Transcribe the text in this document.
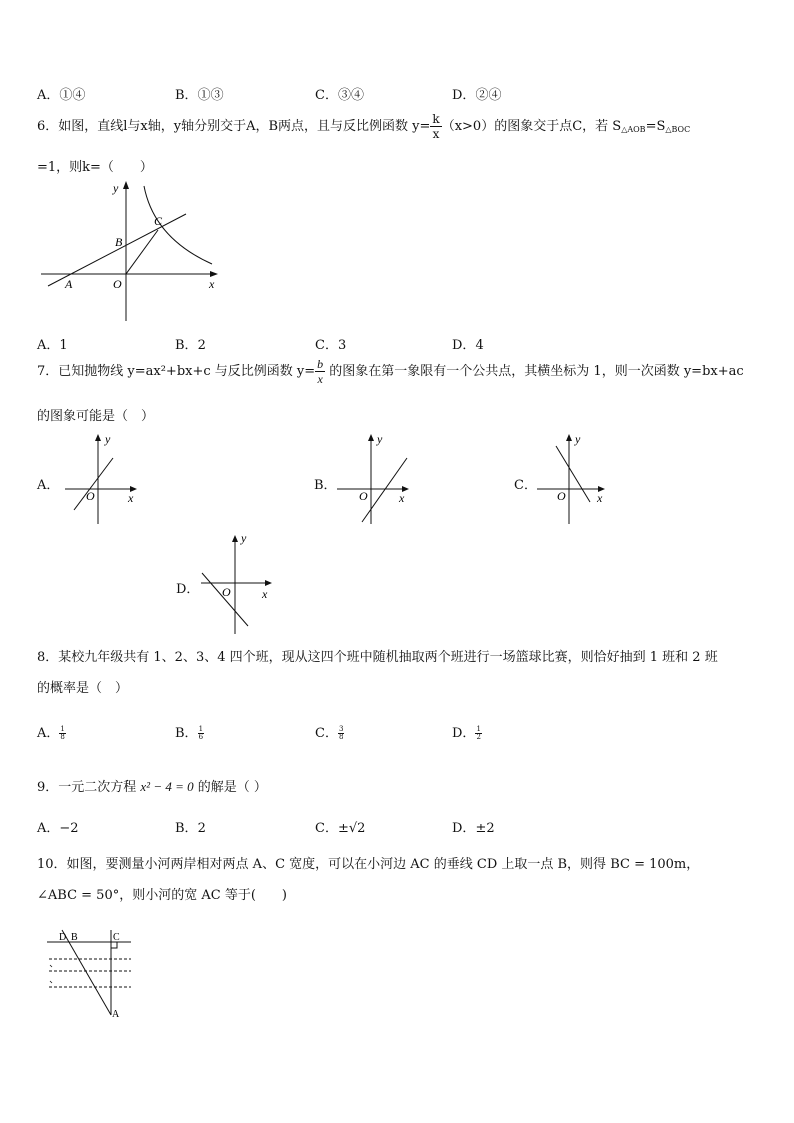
A．①④	B．①③	C．③④	D．②④
6．如图，直线l与x轴，y轴分别交于A，B两点，且与反比例函数 $y= \frac{k}{x} (x>0)$的图象交于点C，若 $S_{\triangle AOB}=S_{\triangle BOC}$
=1，则k=（　　）
y
x
C
B
A	O
A．1	B．2	C．3	D．4
7．已知抛物线 y=ax²+bx+c 与反比例函数 $y= \frac{b}{x}$ 的图象在第一象限有一个公共点，其横坐标为 1，则一次函数 y=bx+ac
的图象可能是（　）
A．
y
x
O
B．
y
x
O
C．
y
x
O
D．
y
x
O
8．某校九年级共有 1、2、3、4 四个班，现从这四个班中随机抽取两个班进行一场篮球比赛，则恰好抽到 1 班和 2 班
的概率是（　）
A． $\frac{1}{8}$	B． $\frac{1}{6}$	C． $\frac{3}{8}$	D． $\frac{1}{2}$
9．一元二次方程 x² − 4 = 0 的解是（ ）
A．−2	B．2	C．±√2	D．±2
10．如图，要测量小河两岸相对两点 A、C 宽度，可以在小河边 AC 的垂线 CD 上取一点 B，则得 BC = 100m，
∠ABC = 50°，则小河的宽 AC 等于(　　)
D B	C
A
